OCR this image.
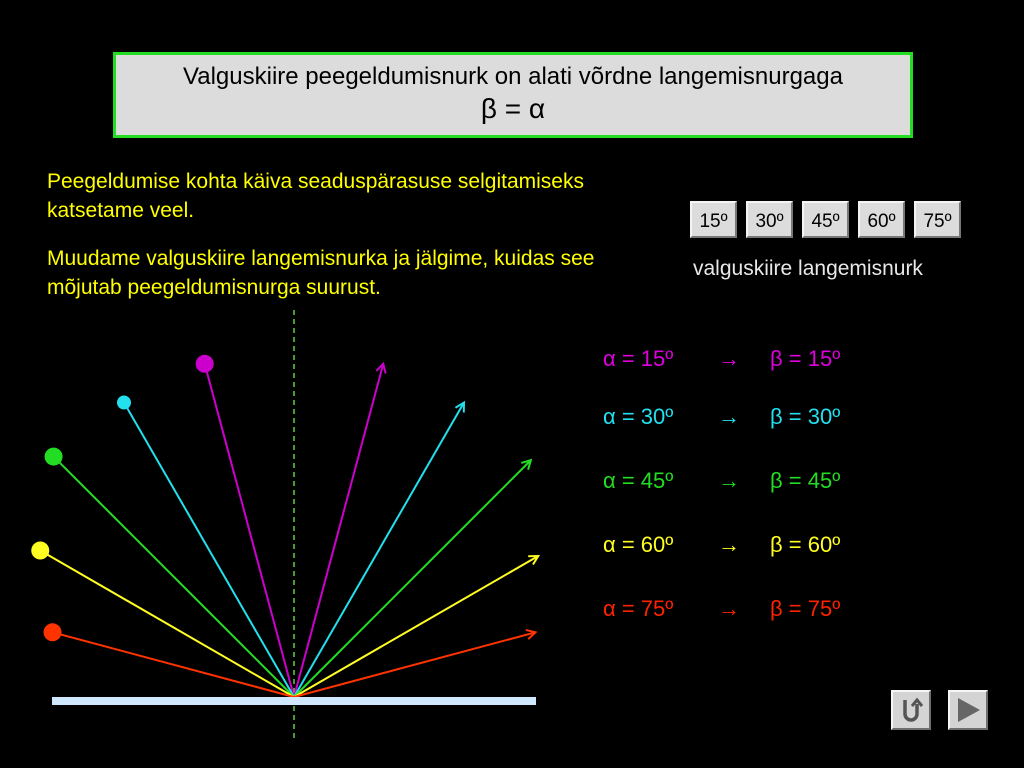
Valguskiire peegeldumisnurk on alati võrdne langemisnurgaga
β = α
Peegeldumise kohta käiva seaduspärasuse selgitamiseks katsetame veel.
Muudame valguskiire langemisnurka ja jälgime, kuidas see mõjutab peegeldumisnurga suurust.
15º	30º	45º	60º	75º
valguskiire langemisnurk
α = 15º → β = 15º
α = 30º → β = 30º
α = 45º → β = 45º
α = 60º → β = 60º
α = 75º → β = 75º
